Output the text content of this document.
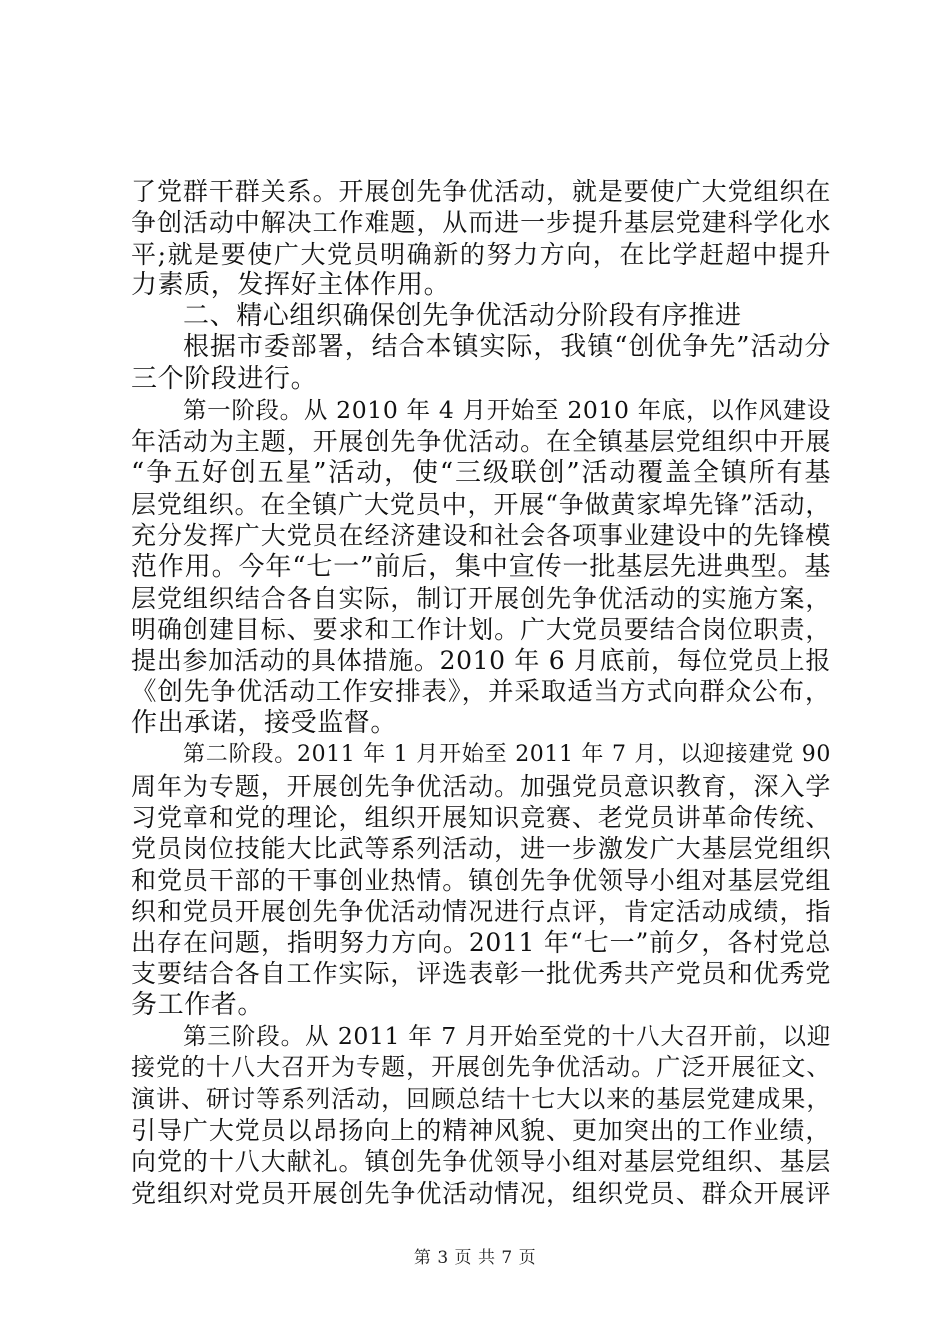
了党群干群关系。开展创先争优活动，就是要使广大党组织在
争创活动中解决工作难题，从而进一步提升基层党建科学化水
平;就是要使广大党员明确新的努力方向，在比学赶超中提升
力素质，发挥好主体作用。
二、精心组织确保创先争优活动分阶段有序推进
根据市委部署，结合本镇实际，我镇“创优争先”活动分
三个阶段进行。
第一阶段。从 2010 年 4 月开始至 2010 年底，以作风建设
年活动为主题，开展创先争优活动。在全镇基层党组织中开展
“争五好创五星”活动，使“三级联创”活动覆盖全镇所有基
层党组织。在全镇广大党员中，开展“争做黄家埠先锋”活动，
充分发挥广大党员在经济建设和社会各项事业建设中的先锋模
范作用。今年“七一”前后，集中宣传一批基层先进典型。基
层党组织结合各自实际，制订开展创先争优活动的实施方案，
明确创建目标、要求和工作计划。广大党员要结合岗位职责，
提出参加活动的具体措施。2010 年 6 月底前，每位党员上报
《创先争优活动工作安排表》，并采取适当方式向群众公布，
作出承诺，接受监督。
第二阶段。2011 年 1 月开始至 2011 年 7 月，以迎接建党 90
周年为专题，开展创先争优活动。加强党员意识教育，深入学
习党章和党的理论，组织开展知识竞赛、老党员讲革命传统、
党员岗位技能大比武等系列活动，进一步激发广大基层党组织
和党员干部的干事创业热情。镇创先争优领导小组对基层党组
织和党员开展创先争优活动情况进行点评，肯定活动成绩，指
出存在问题，指明努力方向。2011 年“七一”前夕，各村党总
支要结合各自工作实际，评选表彰一批优秀共产党员和优秀党
务工作者。
第三阶段。从 2011 年 7 月开始至党的十八大召开前，以迎
接党的十八大召开为专题，开展创先争优活动。广泛开展征文、
演讲、研讨等系列活动，回顾总结十七大以来的基层党建成果，
引导广大党员以昂扬向上的精神风貌、更加突出的工作业绩，
向党的十八大献礼。镇创先争优领导小组对基层党组织、基层
党组织对党员开展创先争优活动情况，组织党员、群众开展评
第 3 页 共 7 页
